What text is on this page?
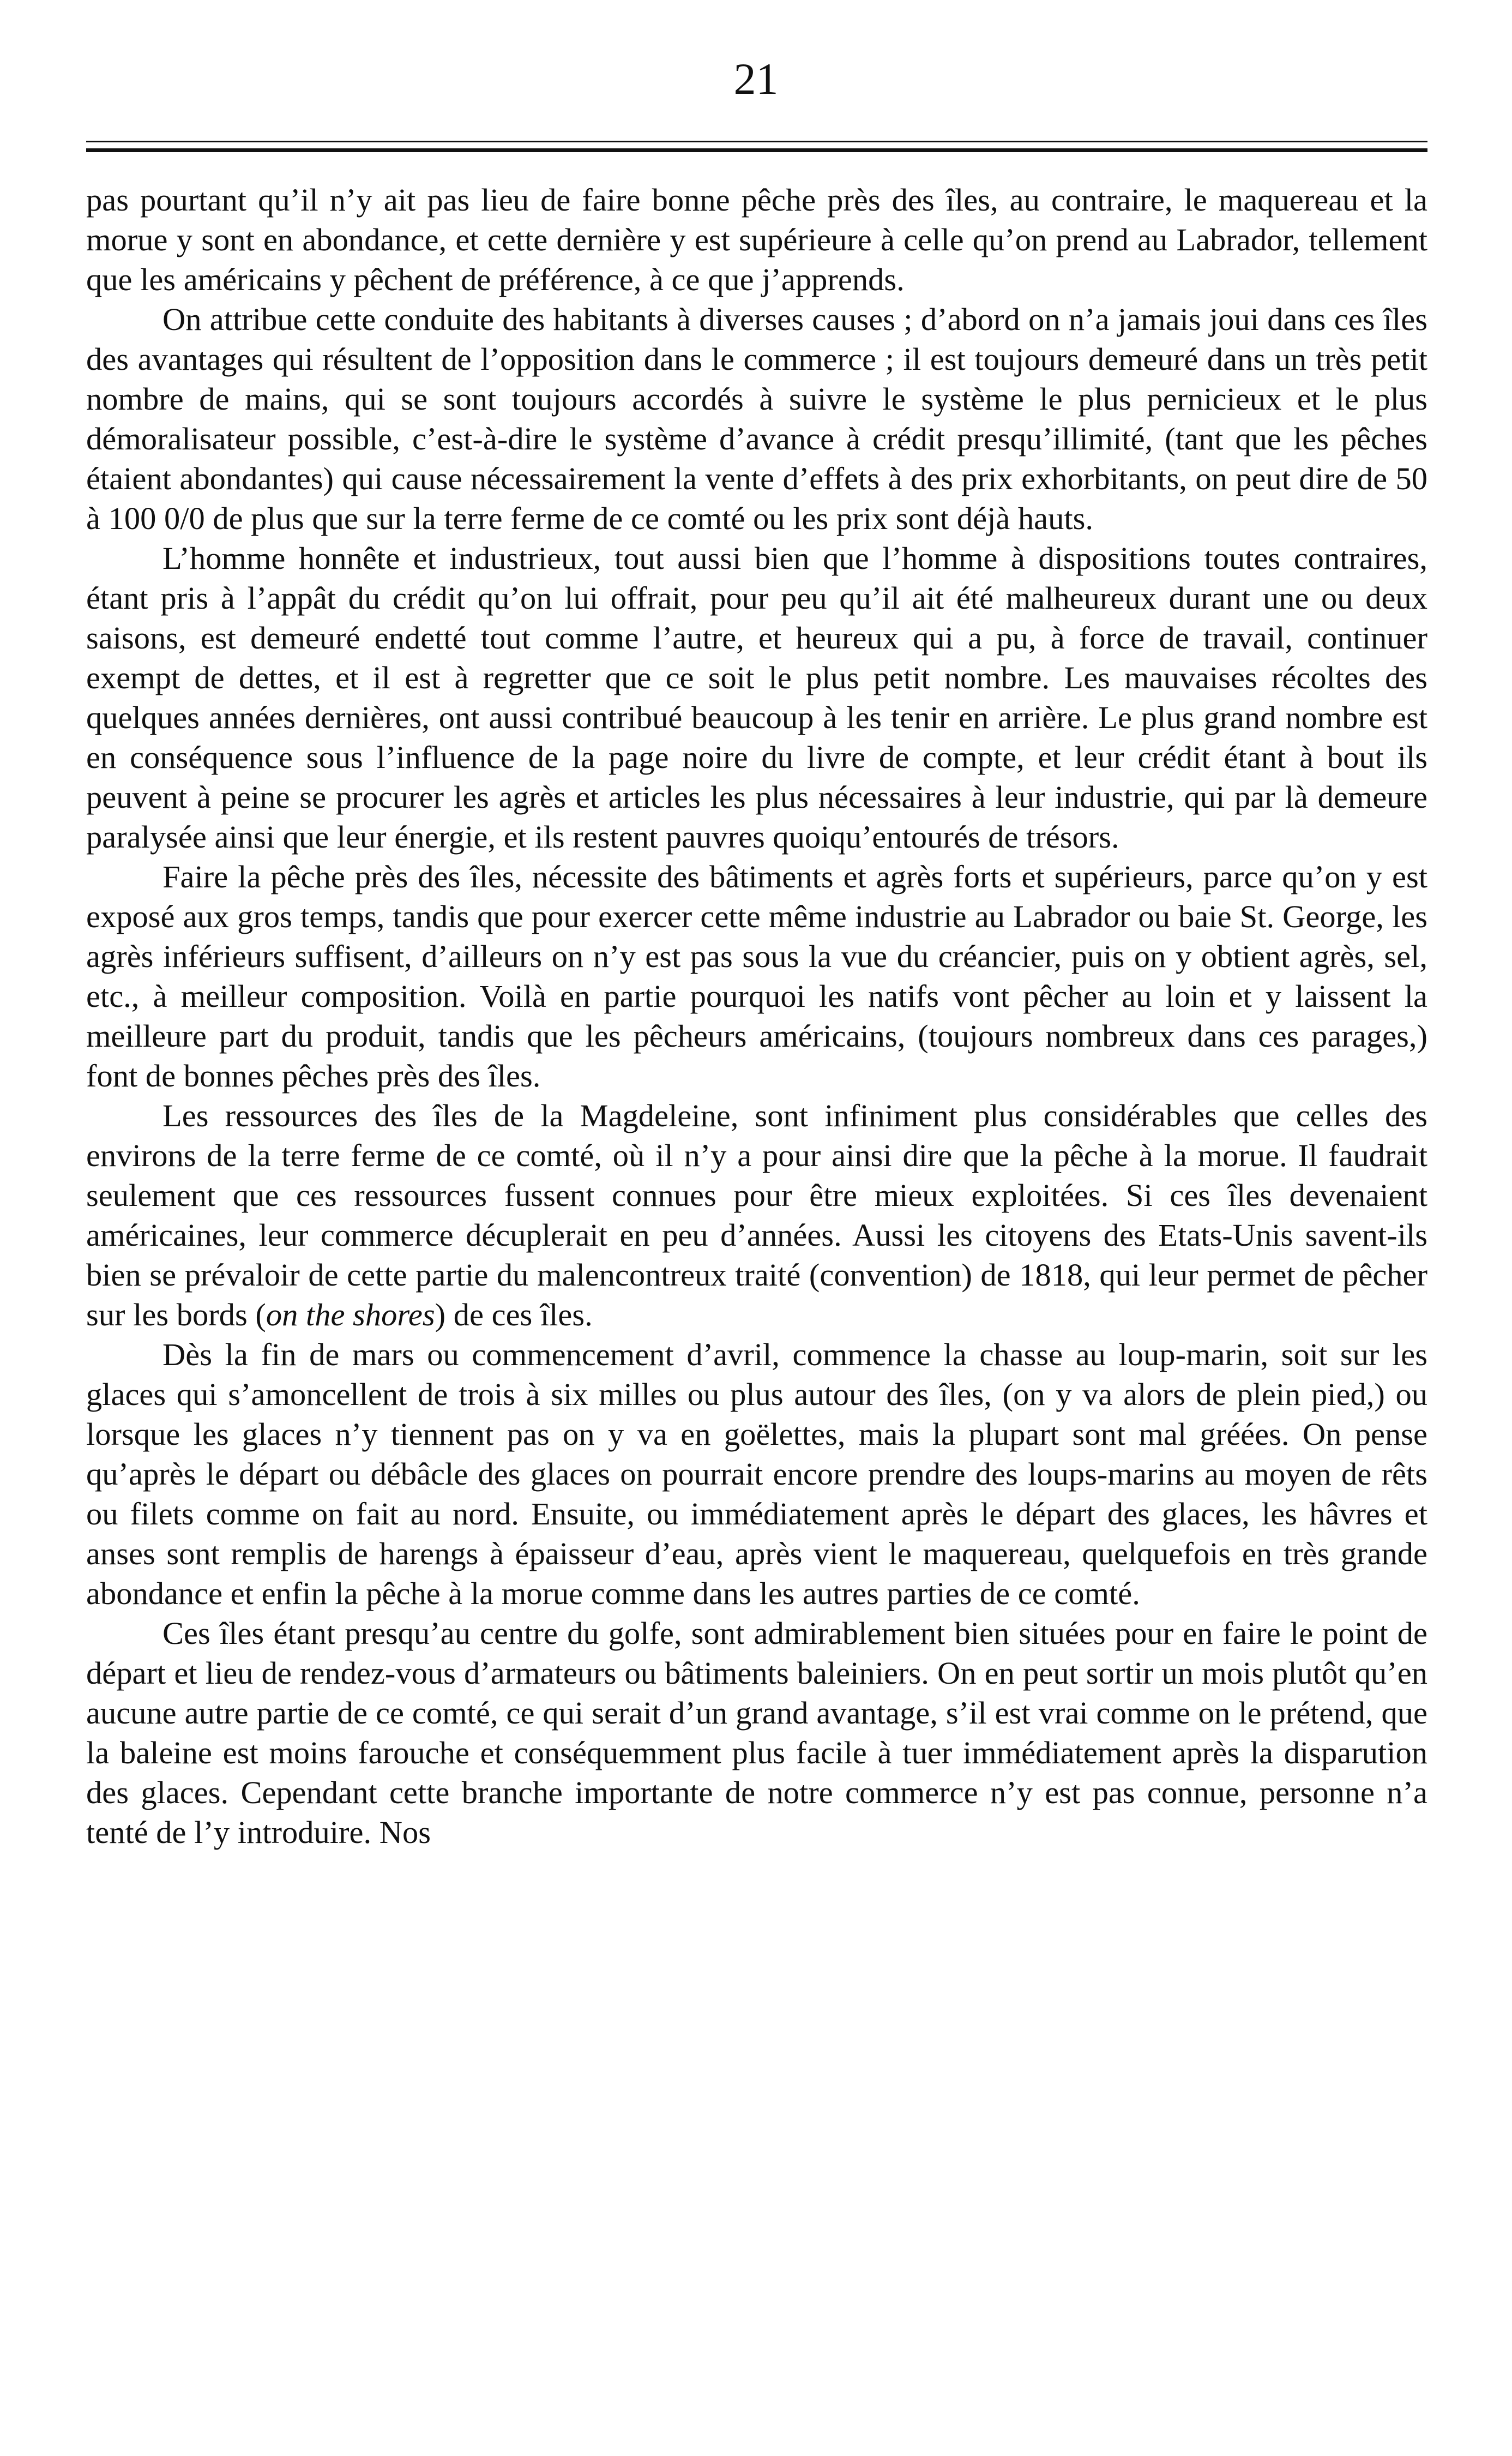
21

pas pourtant qu’il n’y ait pas lieu de faire bonne pêche près des îles, au contraire, le maquereau et la morue y sont en abondance, et cette dernière y est supérieure à celle qu’on prend au Labrador, tellement que les américains y pêchent de préférence, à ce que j’apprends.

On attribue cette conduite des habitants à diverses causes ; d’abord on n’a jamais joui dans ces îles des avantages qui résultent de l’opposition dans le commerce ; il est toujours demeuré dans un très petit nombre de mains, qui se sont toujours accordés à suivre le système le plus pernicieux et le plus démoralisateur possible, c’est-à-dire le système d’avance à crédit presqu’illimité, (tant que les pêches étaient abondantes) qui cause nécessairement la vente d’effets à des prix exhorbitants, on peut dire de 50 à 100 0/0 de plus que sur la terre ferme de ce comté ou les prix sont déjà hauts.

L’homme honnête et industrieux, tout aussi bien que l’homme à dispositions toutes contraires, étant pris à l’appât du crédit qu’on lui offrait, pour peu qu’il ait été malheureux durant une ou deux saisons, est demeuré endetté tout comme l’autre, et heureux qui a pu, à force de travail, continuer exempt de dettes, et il est à regretter que ce soit le plus petit nombre. Les mauvaises récoltes des quelques années dernières, ont aussi contribué beaucoup à les tenir en arrière. Le plus grand nombre est en conséquence sous l’influence de la page noire du livre de compte, et leur crédit étant à bout ils peuvent à peine se procurer les agrès et articles les plus nécessaires à leur industrie, qui par là demeure paralysée ainsi que leur énergie, et ils restent pauvres quoiqu’entourés de trésors.

Faire la pêche près des îles, nécessite des bâtiments et agrès forts et supérieurs, parce qu’on y est exposé aux gros temps, tandis que pour exercer cette même industrie au Labrador ou baie St. George, les agrès inférieurs suffisent, d’ailleurs on n’y est pas sous la vue du créancier, puis on y obtient agrès, sel, etc., à meilleur composition. Voilà en partie pourquoi les natifs vont pêcher au loin et y laissent la meilleure part du produit, tandis que les pêcheurs américains, (toujours nombreux dans ces parages,) font de bonnes pêches près des îles.

Les ressources des îles de la Magdeleine, sont infiniment plus considérables que celles des environs de la terre ferme de ce comté, où il n’y a pour ainsi dire que la pêche à la morue. Il faudrait seulement que ces ressources fussent connues pour être mieux exploitées. Si ces îles devenaient américaines, leur commerce décuplerait en peu d’années. Aussi les citoyens des Etats-Unis savent-ils bien se prévaloir de cette partie du malencontreux traité (convention) de 1818, qui leur permet de pêcher sur les bords (on the shores) de ces îles.

Dès la fin de mars ou commencement d’avril, commence la chasse au loup-marin, soit sur les glaces qui s’amoncellent de trois à six milles ou plus autour des îles, (on y va alors de plein pied,) ou lorsque les glaces n’y tiennent pas on y va en goëlettes, mais la plupart sont mal gréées. On pense qu’après le départ ou débâcle des glaces on pourrait encore prendre des loups-marins au moyen de rêts ou filets comme on fait au nord. Ensuite, ou immédiatement après le départ des glaces, les hâvres et anses sont remplis de harengs à épaisseur d’eau, après vient le maquereau, quelquefois en très grande abondance et enfin la pêche à la morue comme dans les autres parties de ce comté.

Ces îles étant presqu’au centre du golfe, sont admirablement bien situées pour en faire le point de départ et lieu de rendez-vous d’armateurs ou bâtiments baleiniers. On en peut sortir un mois plutôt qu’en aucune autre partie de ce comté, ce qui serait d’un grand avantage, s’il est vrai comme on le prétend, que la baleine est moins farouche et conséquemment plus facile à tuer immédiatement après la disparution des glaces. Cependant cette branche importante de notre commerce n’y est pas connue, personne n’a tenté de l’y introduire. Nos
